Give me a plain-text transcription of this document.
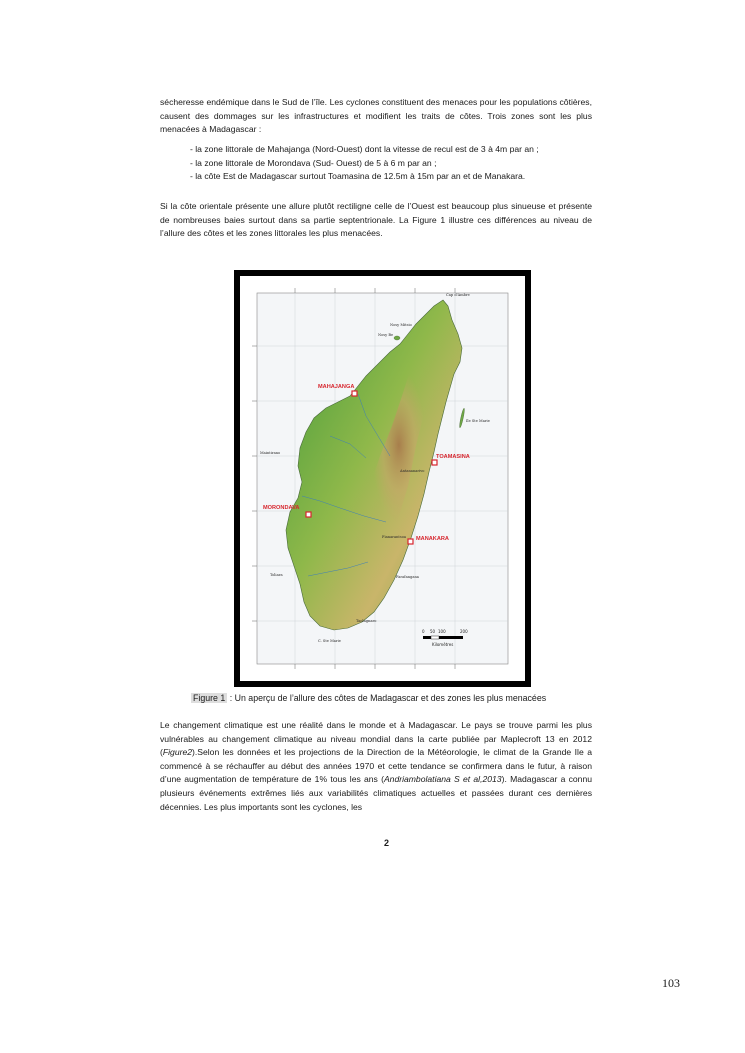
sécheresse endémique dans le Sud de l’île. Les cyclones constituent des menaces pour les populations côtières, causent des dommages sur les infrastructures et modifient les traits de côtes. Trois zones sont les plus menacées à Madagascar :

- la zone littorale de Mahajanga (Nord-Ouest) dont la vitesse de recul est de 3 à 4m par an ;
- la zone littorale de Morondava (Sud- Ouest) de 5 à 6 m par an ;
- la côte Est de Madagascar surtout Toamasina de 12.5m à 15m par an et de Manakara.

Si la côte orientale présente une allure plutôt rectiligne celle de l’Ouest est beaucoup plus sinueuse et présente de nombreuses baies surtout dans sa partie septentrionale. La Figure 1 illustre ces différences au niveau de l’allure des côtes et les zones littorales les plus menacées.

Cap d'Ambre
Nosy Mitsio
Nosy Be
Ile Ste Marie
Maintirano
Antananarivo
Fianarantsoa
Farafangana
Toliara
Taolagnaro
C. Ste Marie
MAHAJANGA
TOAMASINA
MORONDAVA
MANAKARA
0 50 100	200
Kilomètres
Figure 1 : Un aperçu de l’allure des côtes de Madagascar et des zones les plus menacées

Le changement climatique est une réalité dans le monde et à Madagascar. Le pays se trouve parmi les plus vulnérables au changement climatique au niveau mondial dans la carte publiée par Maplecroft 13 en 2012 (Figure2).Selon les données et les projections de la Direction de la Météorologie, le climat de la Grande Ile a commencé à se réchauffer au début des années 1970 et cette tendance se confirmera dans le futur, à raison d’une augmentation de température de 1% tous les ans (Andriambolatiana S et al,2013). Madagascar a connu plusieurs événements extrêmes liés aux variabilités climatiques actuelles et passées durant ces dernières décennies. Les plus importants sont les cyclones, les

2
103
